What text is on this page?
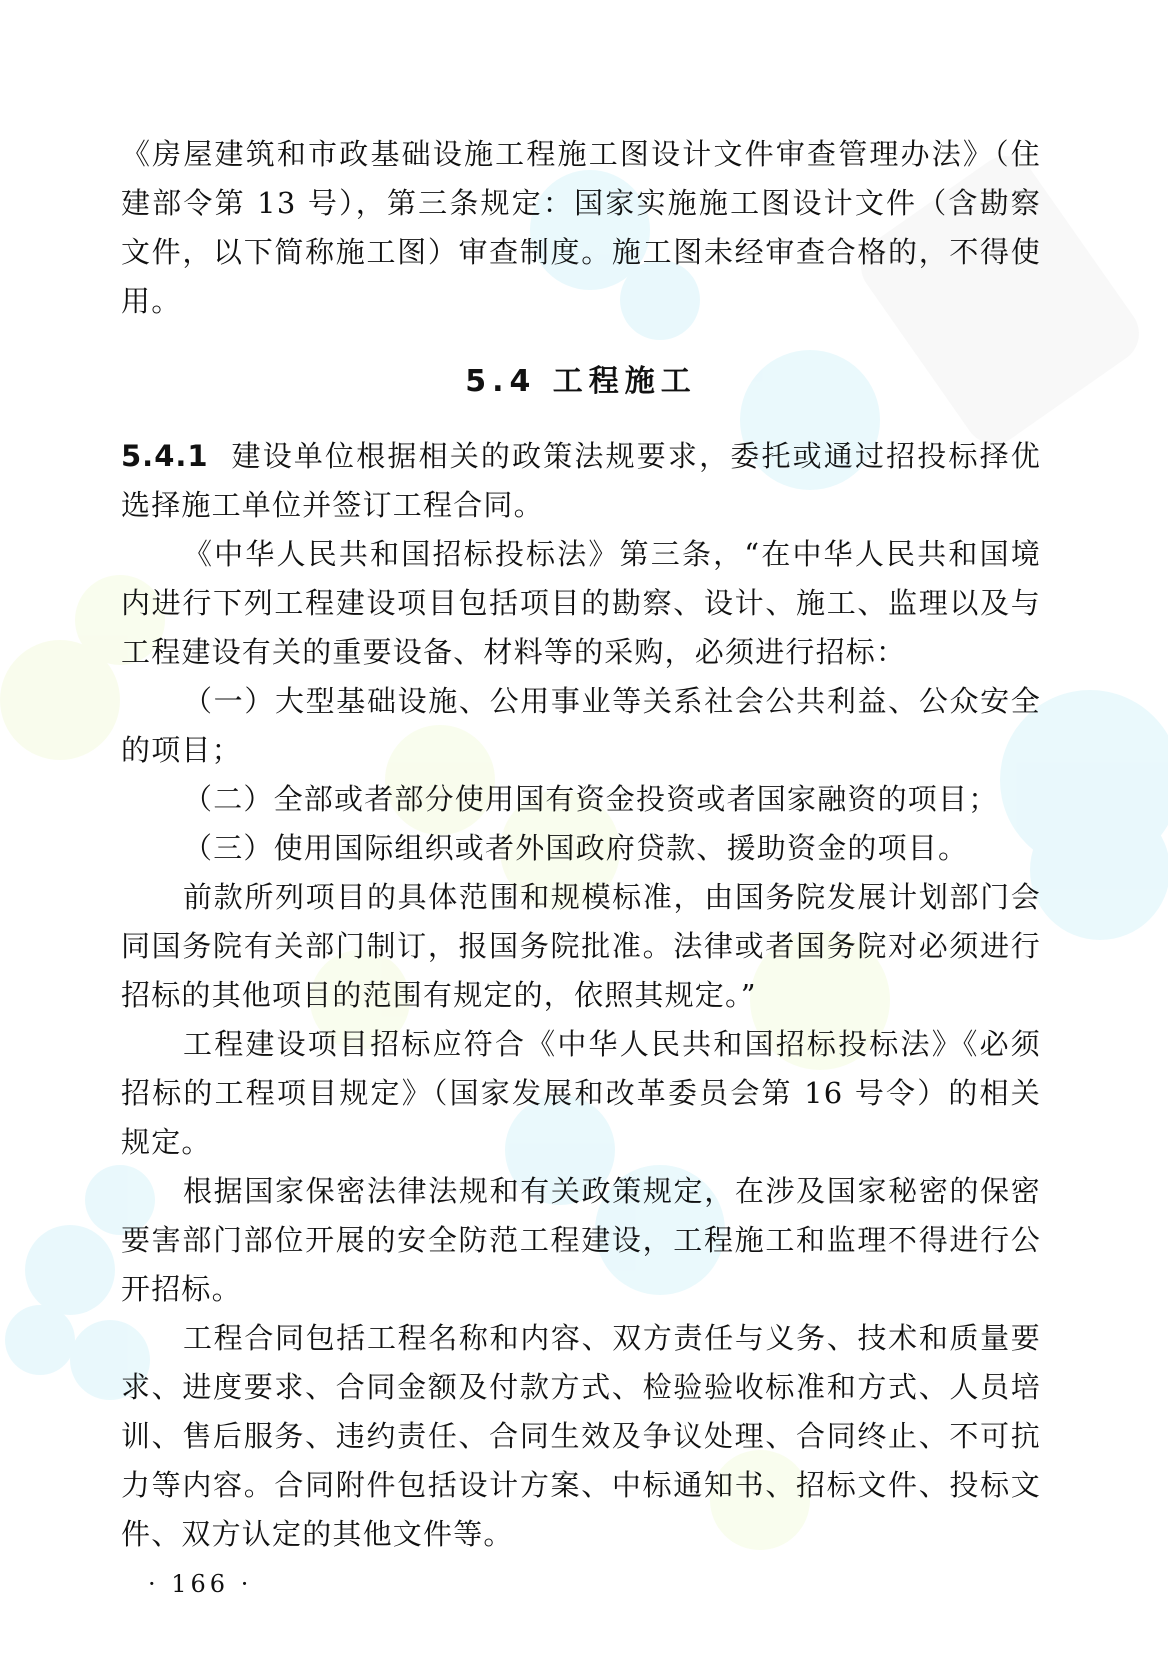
《房屋建筑和市政基础设施工程施工图设计文件审查管理办法》（住建部令第 13 号），第三条规定：国家实施施工图设计文件（含勘察文件，以下简称施工图）审查制度。施工图未经审查合格的，不得使用。

5.4 工程施工

5.4.1 建设单位根据相关的政策法规要求，委托或通过招投标择优选择施工单位并签订工程合同。

《中华人民共和国招标投标法》第三条，“在中华人民共和国境内进行下列工程建设项目包括项目的勘察、设计、施工、监理以及与工程建设有关的重要设备、材料等的采购，必须进行招标：

（一）大型基础设施、公用事业等关系社会公共利益、公众安全的项目；

（二）全部或者部分使用国有资金投资或者国家融资的项目；

（三）使用国际组织或者外国政府贷款、援助资金的项目。

前款所列项目的具体范围和规模标准，由国务院发展计划部门会同国务院有关部门制订，报国务院批准。法律或者国务院对必须进行招标的其他项目的范围有规定的，依照其规定。”

工程建设项目招标应符合《中华人民共和国招标投标法》《必须招标的工程项目规定》（国家发展和改革委员会第 16 号令）的相关规定。

根据国家保密法律法规和有关政策规定，在涉及国家秘密的保密要害部门部位开展的安全防范工程建设，工程施工和监理不得进行公开招标。

工程合同包括工程名称和内容、双方责任与义务、技术和质量要求、进度要求、合同金额及付款方式、检验验收标准和方式、人员培训、售后服务、违约责任、合同生效及争议处理、合同终止、不可抗力等内容。合同附件包括设计方案、中标通知书、招标文件、投标文件、双方认定的其他文件等。

· 166 ·
